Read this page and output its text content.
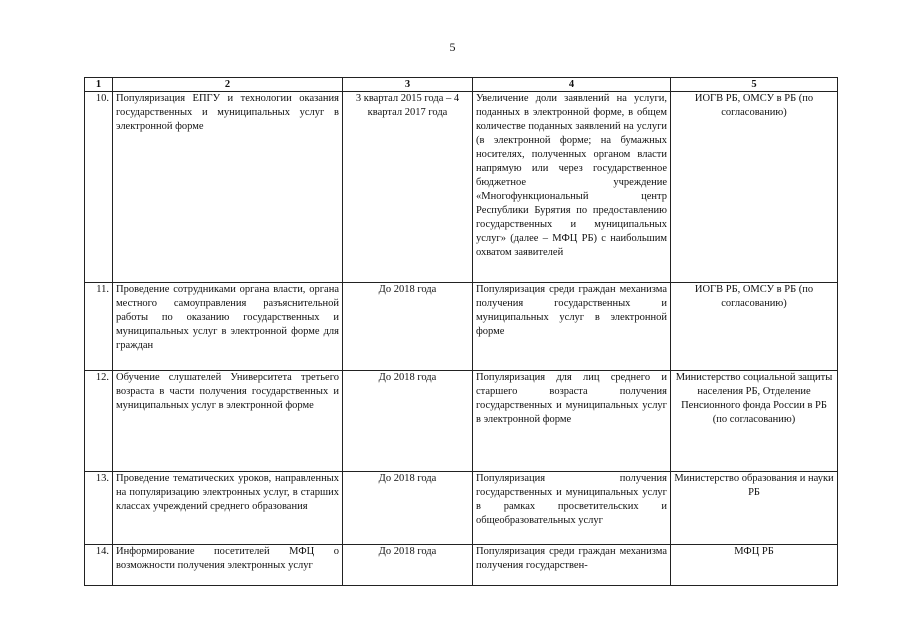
5
1	2	3	4	5
10.	Популяризация ЕПГУ и технологии оказания государственных и муниципальных услуг в электронной форме	3 квартал 2015 года – 4 квартал 2017 года	Увеличение доли заявлений на услуги, поданных в электронной форме, в общем количестве поданных заявлений на услуги (в электронной форме; на бумажных носителях, полученных органом власти напрямую или через государственное бюджетное учреждение «Многофункциональный центр Республики Бурятия по предоставлению государственных и муниципальных услуг» (далее – МФЦ РБ) с наибольшим охватом заявителей	ИОГВ РБ, ОМСУ в РБ (по согласованию)
11.	Проведение сотрудниками органа власти, органа местного самоуправления разъяснительной работы по оказанию государственных и муниципальных услуг в электронной форме для граждан	До 2018 года	Популяризация среди граждан механизма получения государственных и муниципальных услуг в электронной форме	ИОГВ РБ, ОМСУ в РБ (по согласованию)
12.	Обучение слушателей Университета третьего возраста в части получения государственных и муниципальных услуг в электронной форме	До 2018 года	Популяризация для лиц среднего и старшего возраста получения государственных и муниципальных услуг в электронной форме	Министерство социальной защиты населения РБ, Отделение Пенсионного фонда России в РБ (по согласованию)
13.	Проведение тематических уроков, направленных на популяризацию электронных услуг, в старших классах учреждений среднего образования	До 2018 года	Популяризация получения государственных и муниципальных услуг в рамках просветительских и общеобразовательных услуг	Министерство образования и науки РБ
14.	Информирование посетителей МФЦ о возможности получения электронных услуг	До 2018 года	Популяризация среди граждан механизма получения государствен-	МФЦ РБ
